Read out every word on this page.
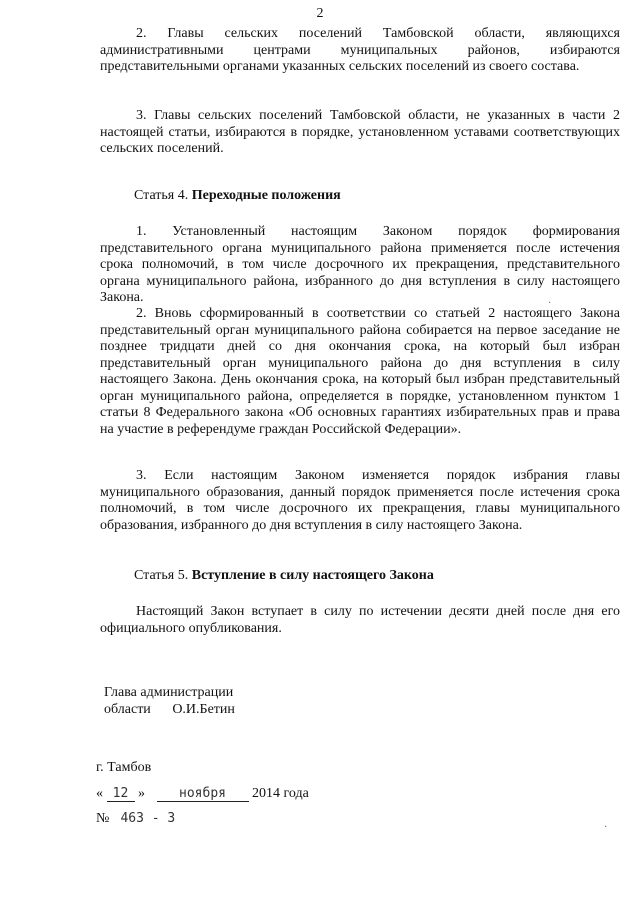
2

2. Главы сельских поселений Тамбовской области, являющихся административными центрами муниципальных районов, избираются представительными органами указанных сельских поселений из своего состава.

3. Главы сельских поселений Тамбовской области, не указанных в части 2 настоящей статьи, избираются в порядке, установленном уставами соответствующих сельских поселений.

Статья 4. Переходные положения

1. Установленный настоящим Законом порядок формирования представительного органа муниципального района применяется после истечения срока полномочий, в том числе досрочного их прекращения, представительного органа муниципального района, избранного до дня вступления в силу настоящего Закона.

2. Вновь сформированный в соответствии со статьей 2 настоящего Закона представительный орган муниципального района собирается на первое заседание не позднее тридцати дней со дня окончания срока, на который был избран представительный орган муниципального района до дня вступления в силу настоящего Закона. День окончания срока, на который был избран представительный орган муниципального района, определяется в порядке, установленном пунктом 1 статьи 8 Федерального закона «Об основных гарантиях избирательных прав и права на участие в референдуме граждан Российской Федерации».

3. Если настоящим Законом изменяется порядок избрания главы муниципального образования, данный порядок применяется после истечения срока полномочий, в том числе досрочного их прекращения, главы муниципального образования, избранного до дня вступления в силу настоящего Закона.

Статья 5. Вступление в силу настоящего Закона

Настоящий Закон вступает в силу по истечении десяти дней после дня его официального опубликования.

Глава администрации
области О.И.Бетин
г. Тамбов
« 12 »	ноября 2014 года
№ 463 - 3
·
·
